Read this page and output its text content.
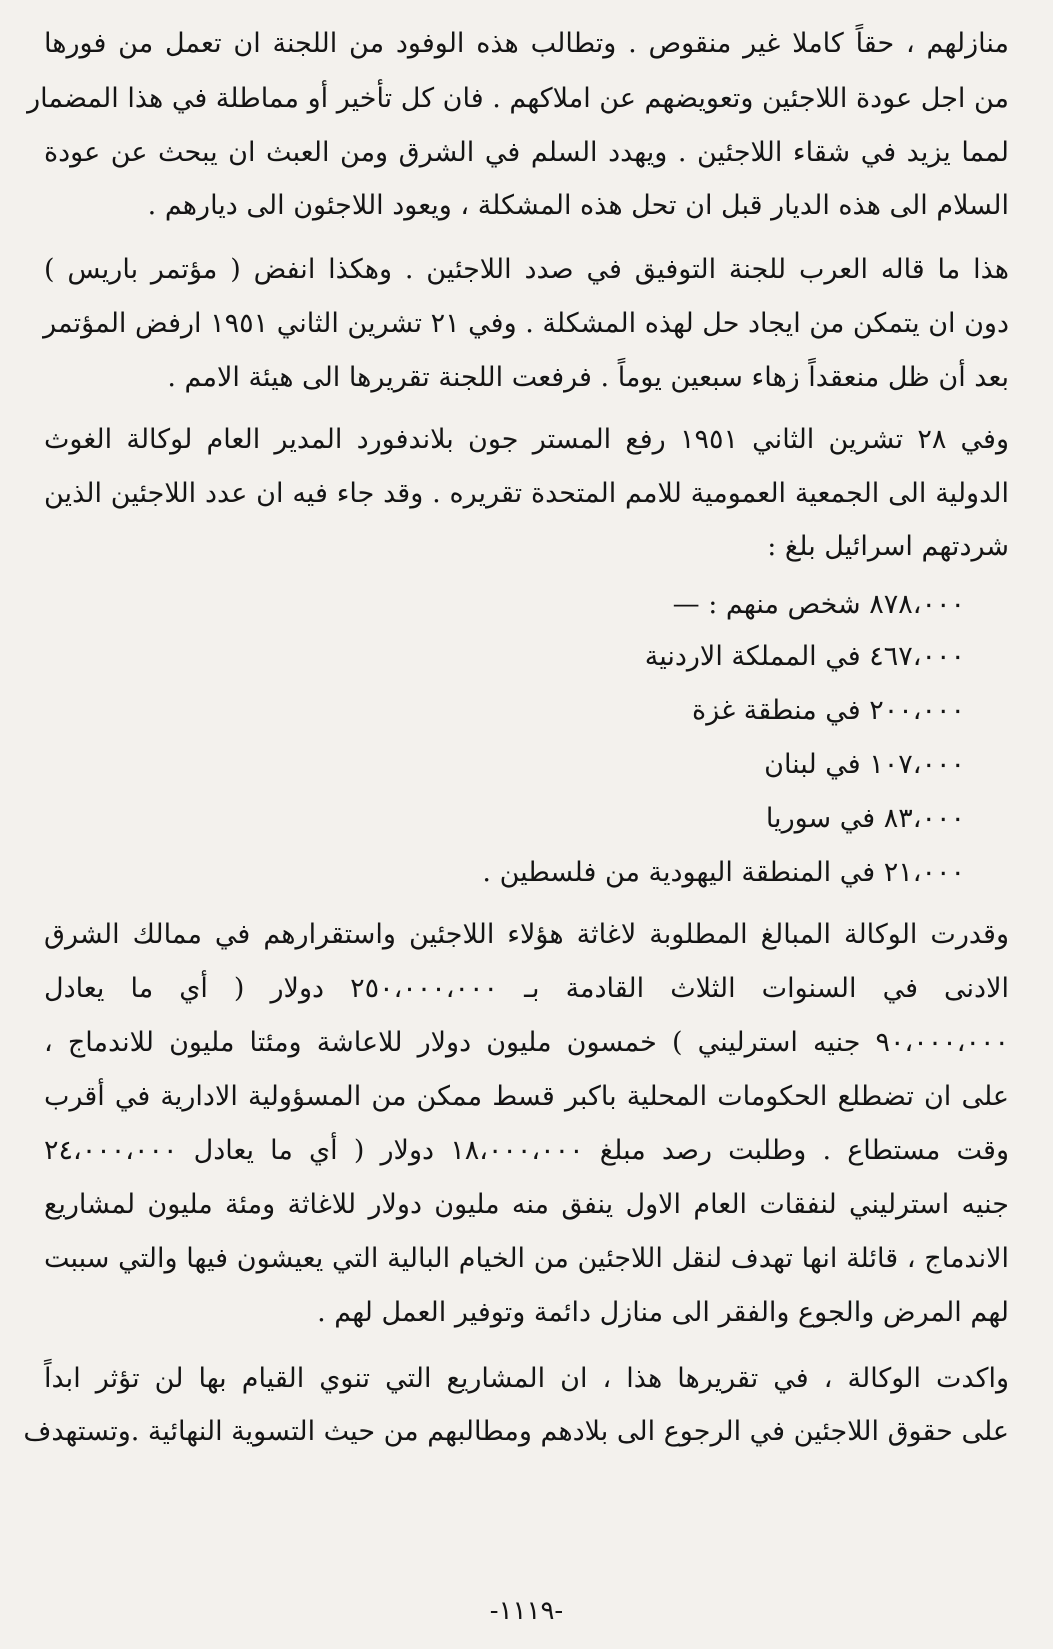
منازلهم ، حقاً كاملا غير منقوص . وتطالب هذه الوفود من اللجنة ان تعمل من فورها
من اجل عودة اللاجئين وتعويضهم عن املاكهم . فان كل تأخير أو مماطلة في هذا المضمار
لمما يزيد في شقاء اللاجئين . ويهدد السلم في الشرق ومن العبث ان يبحث عن عودة
السلام الى هذه الديار قبل ان تحل هذه المشكلة ، ويعود اللاجئون الى ديارهم .
هذا ما قاله العرب للجنة التوفيق في صدد اللاجئين . وهكذا انفض ( مؤتمر باريس )
دون ان يتمكن من ايجاد حل لهذه المشكلة . وفي ٢١ تشرين الثاني ١٩٥١ ارفض المؤتمر
بعد أن ظل منعقداً زهاء سبعين يوماً . فرفعت اللجنة تقريرها الى هيئة الامم .
وفي ٢٨ تشرين الثاني ١٩٥١ رفع المستر جون بلاندفورد المدير العام لوكالة الغوث
الدولية الى الجمعية العمومية للامم المتحدة تقريره . وقد جاء فيه ان عدد اللاجئين الذين
شردتهم اسرائيل بلغ :
٨٧٨،٠٠٠ شخص منهم : —
٤٦٧،٠٠٠ في المملكة الاردنية
٢٠٠،٠٠٠ في منطقة غزة
١٠٧،٠٠٠ في لبنان
٨٣،٠٠٠ في سوريا
٢١،٠٠٠ في المنطقة اليهودية من فلسطين .
وقدرت الوكالة المبالغ المطلوبة لاغاثة هؤلاء اللاجئين واستقرارهم في ممالك الشرق
الادنى في السنوات الثلاث القادمة بـ ٢٥٠،٠٠٠،٠٠٠ دولار ( أي ما يعادل
٩٠،٠٠٠،٠٠٠ جنيه استرليني ) خمسون مليون دولار للاعاشة ومئتا مليون للاندماج ،
على ان تضطلع الحكومات المحلية باكبر قسط ممكن من المسؤولية الادارية في أقرب
وقت مستطاع . وطلبت رصد مبلغ ١٨،٠٠٠،٠٠٠ دولار ( أي ما يعادل ٢٤،٠٠٠،٠٠٠
جنيه استرليني لنفقات العام الاول ينفق منه مليون دولار للاغاثة ومئة مليون لمشاريع
الاندماج ، قائلة انها تهدف لنقل اللاجئين من الخيام البالية التي يعيشون فيها والتي سببت
لهم المرض والجوع والفقر الى منازل دائمة وتوفير العمل لهم .
واكدت الوكالة ، في تقريرها هذا ، ان المشاريع التي تنوي القيام بها لن تؤثر ابداً
على حقوق اللاجئين في الرجوع الى بلادهم ومطالبهم من حيث التسوية النهائية .وتستهدف
-١١١٩-
